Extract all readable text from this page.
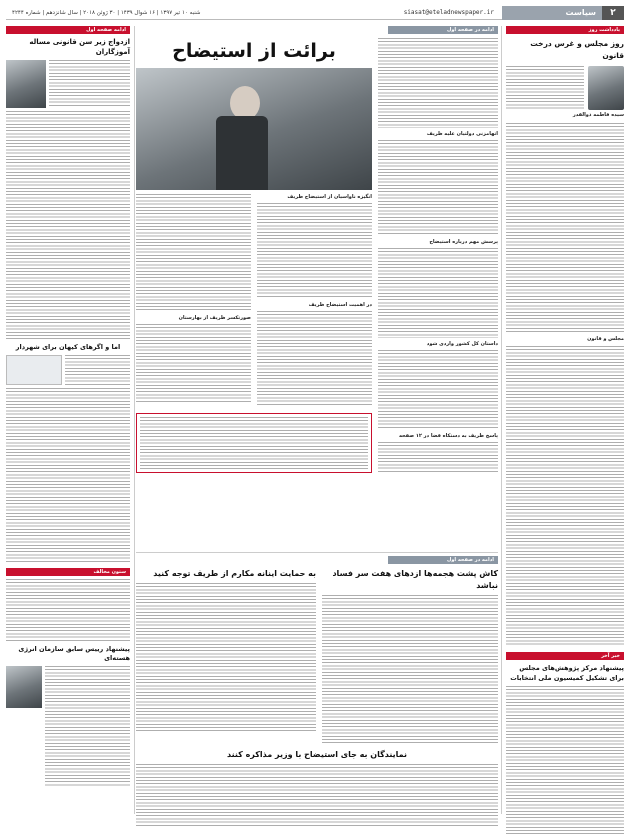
۲
سیاست
siasat@eteladnewspaper.ir
شنبه ۱۰ تیر ۱۳۹۷ | ۱۶ شوال ۱۴۳۹ | ۳۰ ژوئن ۲۰۱۸ | سال شانزدهم | شماره ۴۲۴۴
یادداشت روز
روز مجلس و غرس درخت قانون
سیده فاطمه ذوالقدر
مجلس و قانون
خبر آخر
پیشنهاد مرکز پژوهش‌های مجلس برای تشکیل کمیسیون ملی انتخابات
ادامه در صفحه اول
اتهامزنی دولتیان علیه ظریف
پرسش مهم درباره استیضاح
داستان کل کشور واردی شود
پاسخ ظریف به دستکاه قضا در ۱۲ صفحه
برائت از استیضاح
انگیزه ناواسیان از استیضاح ظریف
در اهمیت استیضاح ظریف
صورتکسر ظریف از بهارستان
ادامه صفحه اول
ازدواج زیر سن قانونی مساله آموزگاران
اما و اگرهای کیهان برای شهردار
ستون مخالف
پیشنهاد رییس سابق سازمان انرژی هسته‌ای
ادامه در صفحه اول
کاش پشت هجمه‌ها ازدهای هفت سر فساد نباشد
به حمایت اینانه مکارم از طریف توجه کنید
نمایندگان به جای استیضاح با وزیر مذاکره کنند
